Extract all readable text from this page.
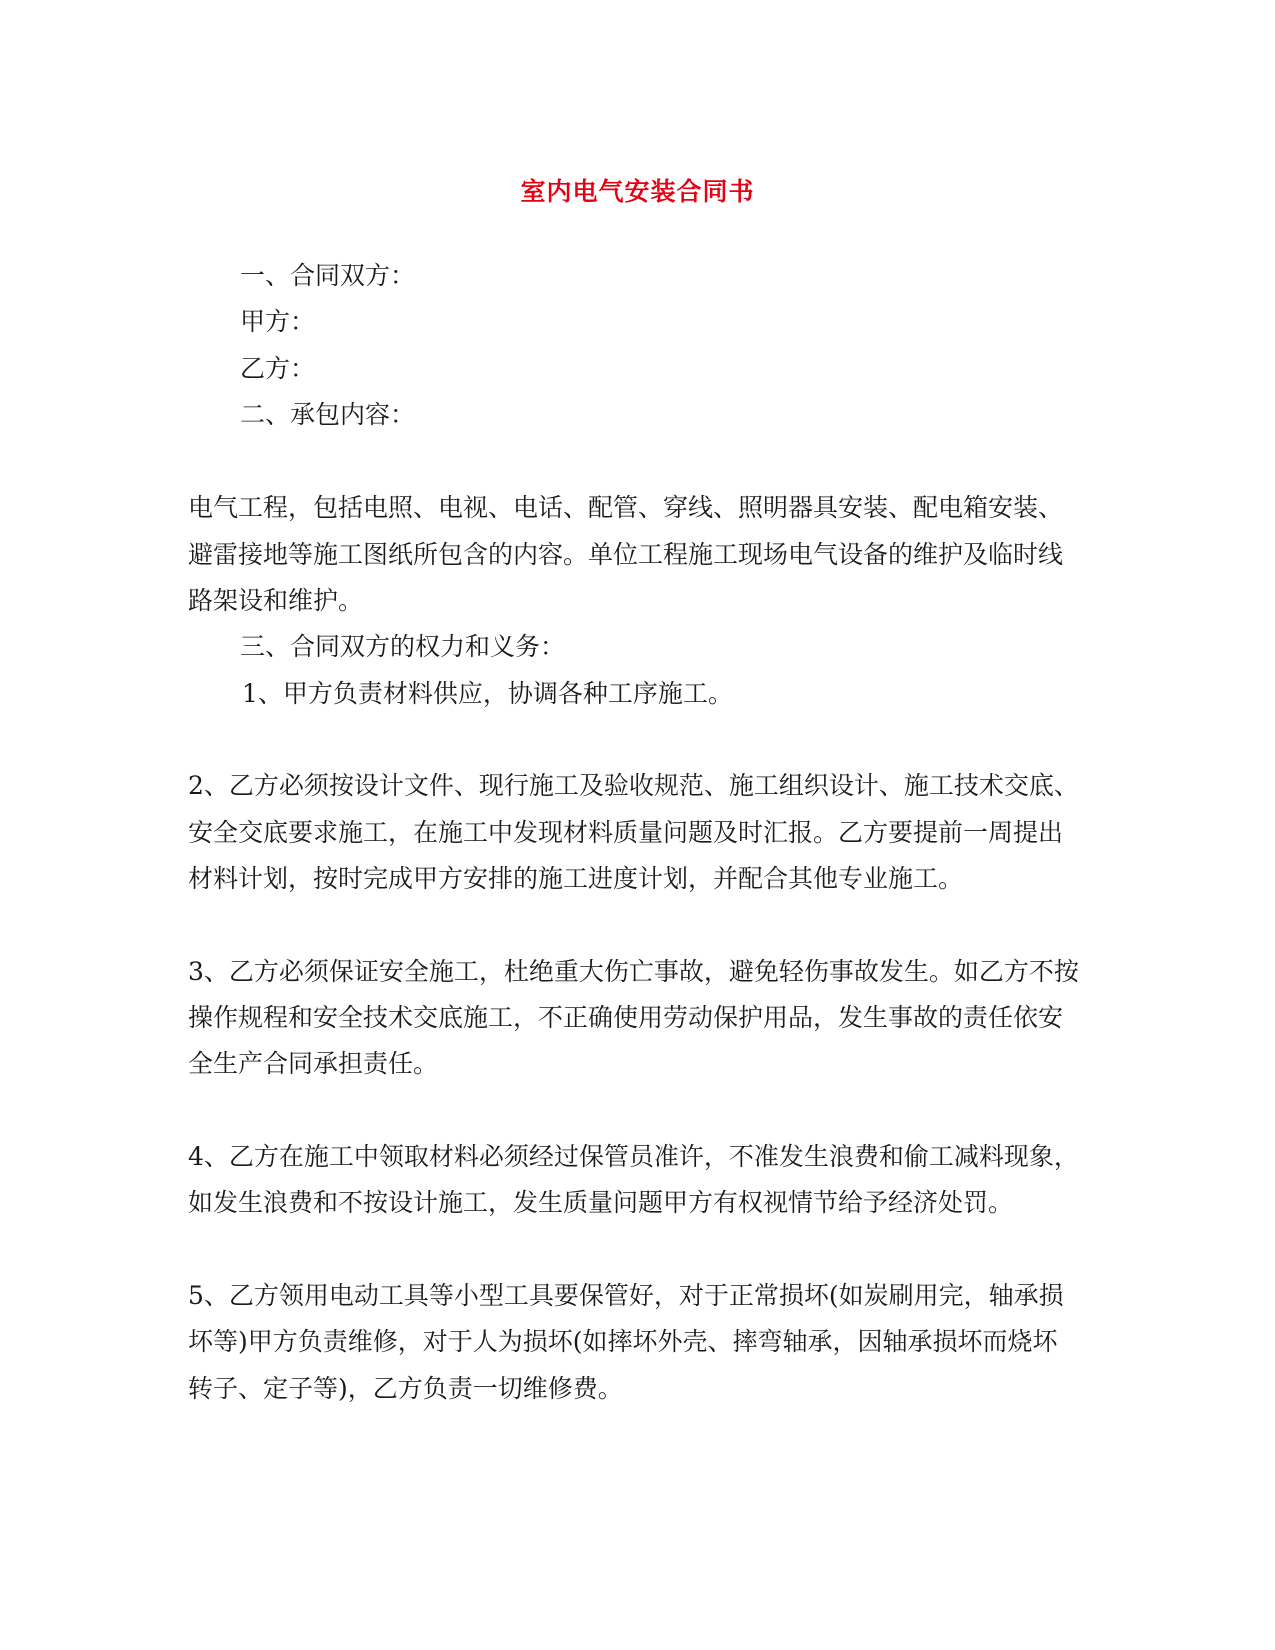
室内电气安装合同书
一、合同双方：
甲方：
乙方：
二、承包内容：
电气工程，包括电照、电视、电话、配管、穿线、照明器具安装、配电箱安装、
避雷接地等施工图纸所包含的内容。单位工程施工现场电气设备的维护及临时线
路架设和维护。
三、合同双方的权力和义务：
1、甲方负责材料供应，协调各种工序施工。
2、乙方必须按设计文件、现行施工及验收规范、施工组织设计、施工技术交底、
安全交底要求施工，在施工中发现材料质量问题及时汇报。乙方要提前一周提出
材料计划，按时完成甲方安排的施工进度计划，并配合其他专业施工。
3、乙方必须保证安全施工，杜绝重大伤亡事故，避免轻伤事故发生。如乙方不按
操作规程和安全技术交底施工，不正确使用劳动保护用品，发生事故的责任依安
全生产合同承担责任。
4、乙方在施工中领取材料必须经过保管员准许，不准发生浪费和偷工减料现象，
如发生浪费和不按设计施工，发生质量问题甲方有权视情节给予经济处罚。
5、乙方领用电动工具等小型工具要保管好，对于正常损坏(如炭刷用完，轴承损
坏等)甲方负责维修，对于人为损坏(如摔坏外壳、摔弯轴承，因轴承损坏而烧坏
转子、定子等)，乙方负责一切维修费。
